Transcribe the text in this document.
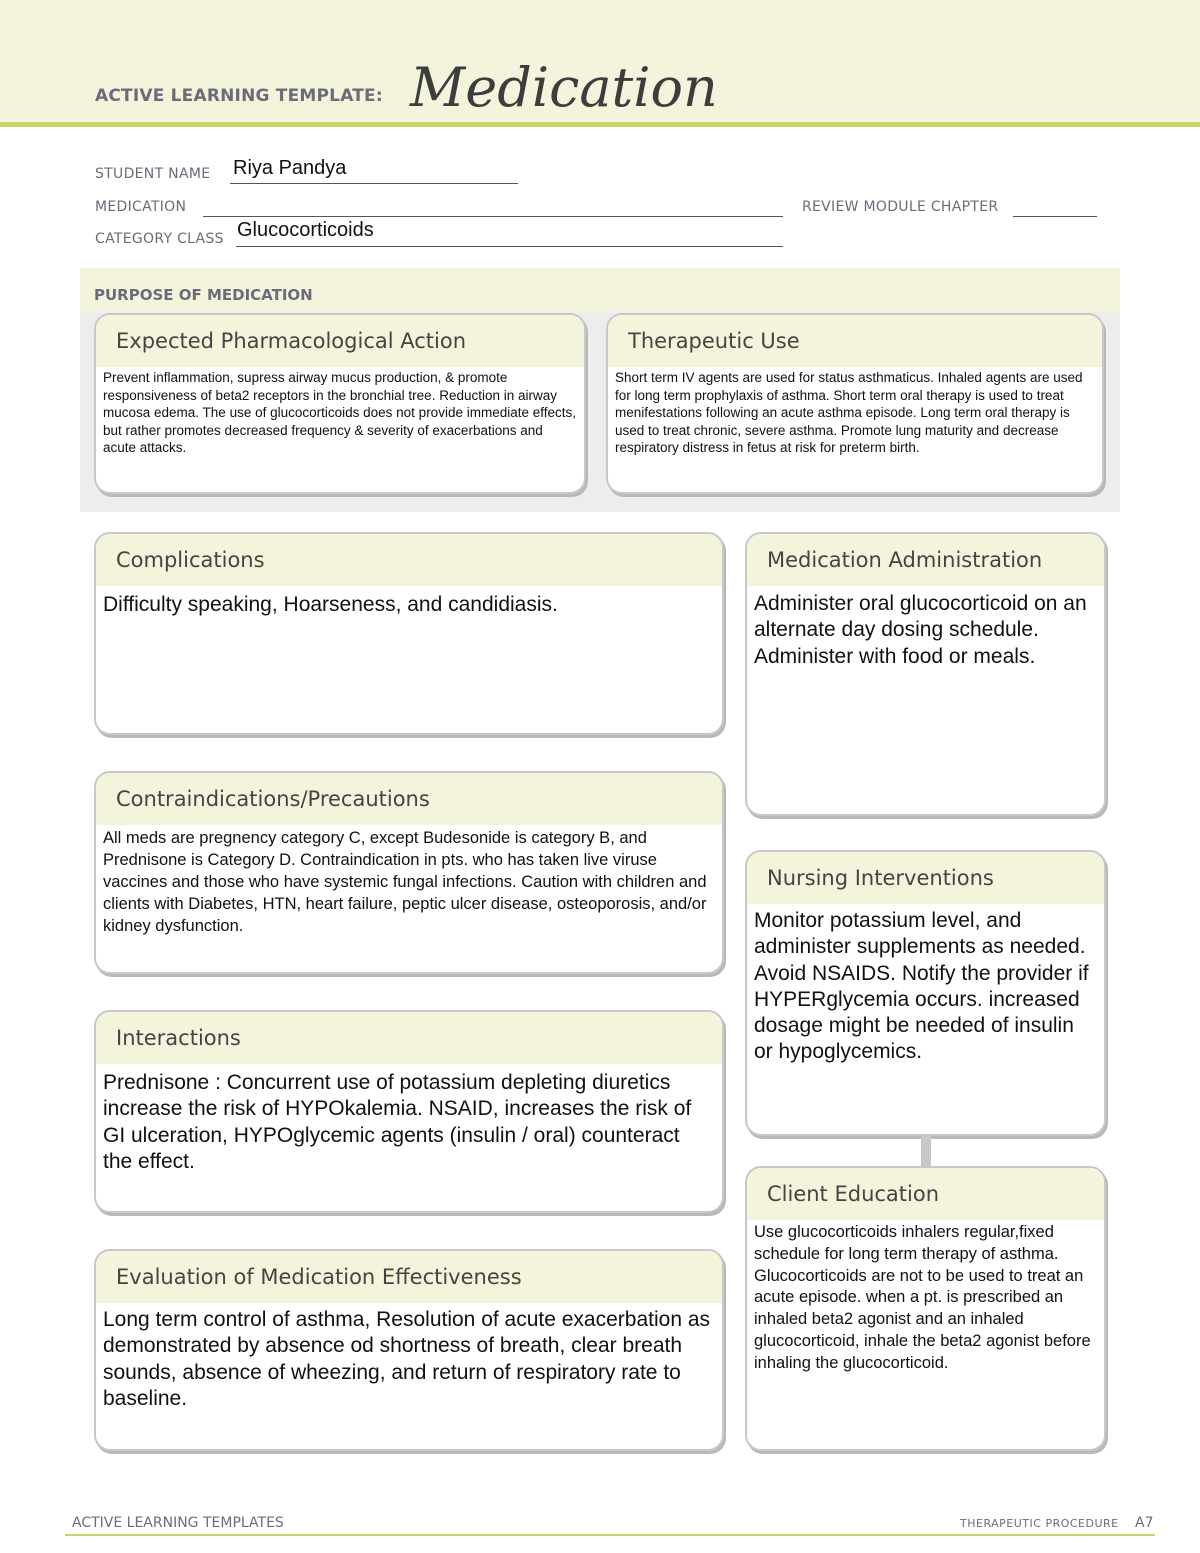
ACTIVE LEARNING TEMPLATE: Medication
STUDENT NAME Riya Pandya
MEDICATION	REVIEW MODULE CHAPTER
CATEGORY CLASS Glucocorticoids
PURPOSE OF MEDICATION
Expected Pharmacological Action
Prevent inflammation, supress airway mucus production, & promote responsiveness of beta2 receptors in the bronchial tree. Reduction in airway mucosa edema. The use of glucocorticoids does not provide immediate effects, but rather promotes decreased frequency & severity of exacerbations and acute attacks.
Therapeutic Use
Short term IV agents are used for status asthmaticus. Inhaled agents are used for long term prophylaxis of asthma. Short term oral therapy is used to treat menifestations following an acute asthma episode. Long term oral therapy is used to treat chronic, severe asthma. Promote lung maturity and decrease respiratory distress in fetus at risk for preterm birth.
Complications
Difficulty speaking, Hoarseness, and candidiasis.
Medication Administration
Administer oral glucocorticoid on an alternate day dosing schedule.
Administer with food or meals.
Contraindications/Precautions
All meds are pregnency category C, except Budesonide is category B, and Prednisone is Category D. Contraindication in pts. who has taken live viruse vaccines and those who have systemic fungal infections. Caution with children and clients with Diabetes, HTN, heart failure, peptic ulcer disease, osteoporosis, and/or kidney dysfunction.
Nursing Interventions
Monitor potassium level, and administer supplements as needed. Avoid NSAIDS. Notify the provider if HYPERglycemia occurs. increased dosage might be needed of insulin or hypoglycemics.
Interactions
Prednisone : Concurrent use of potassium depleting diuretics increase the risk of HYPOkalemia. NSAID, increases the risk of GI ulceration, HYPOglycemic agents (insulin / oral) counteract the effect.
Client Education
Use glucocorticoids inhalers regular,fixed schedule for long term therapy of asthma. Glucocorticoids are not to be used to treat an acute episode. when a pt. is prescribed an inhaled beta2 agonist and an inhaled glucocorticoid, inhale the beta2 agonist before inhaling the glucocorticoid.
Evaluation of Medication Effectiveness
Long term control of asthma, Resolution of acute exacerbation as demonstrated by absence od shortness of breath, clear breath sounds, absence of wheezing, and return of respiratory rate to baseline.
ACTIVE LEARNING TEMPLATES	THERAPEUTIC PROCEDURE A7
